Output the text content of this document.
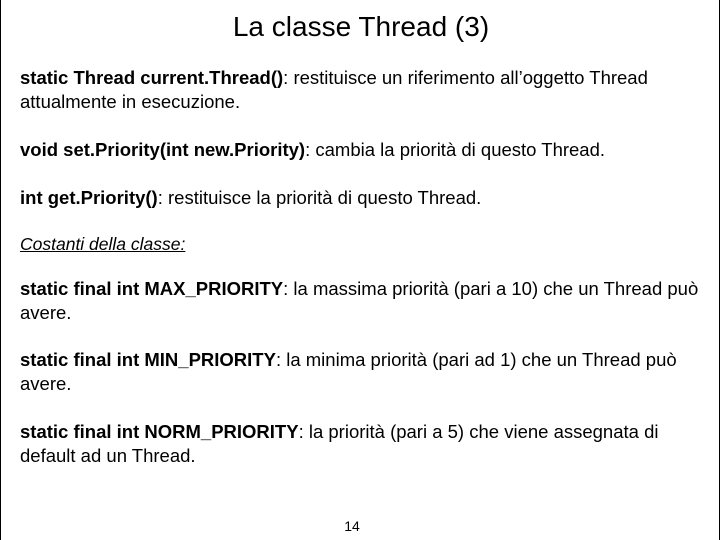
La classe Thread (3)
static Thread current.Thread(): restituisce un riferimento all’oggetto Thread attualmente in esecuzione.
void set.Priority(int new.Priority): cambia la priorità di questo Thread.
int get.Priority(): restituisce la priorità di questo Thread.
Costanti della classe:
static final int MAX_PRIORITY: la massima priorità (pari a 10) che un Thread può avere.
static final int MIN_PRIORITY: la minima priorità (pari ad 1) che un Thread può avere.
static final int NORM_PRIORITY: la priorità (pari a 5) che viene assegnata di default ad un Thread.
14
